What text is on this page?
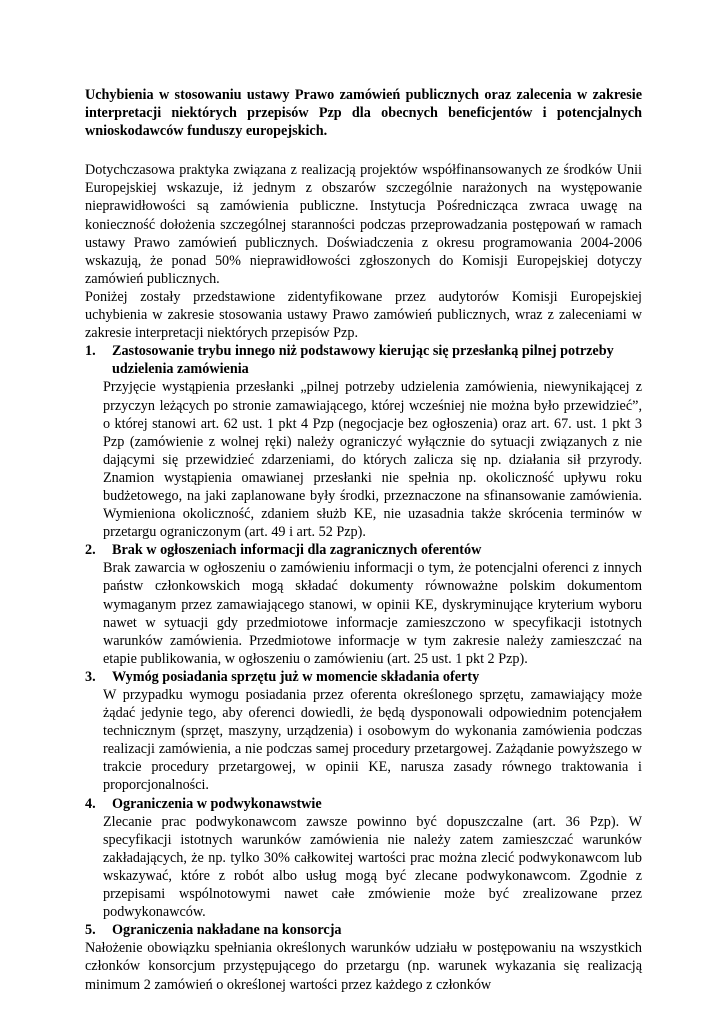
Uchybienia w stosowaniu ustawy Prawo zamówień publicznych oraz zalecenia w zakresie interpretacji niektórych przepisów Pzp dla obecnych beneficjentów i potencjalnych wnioskodawców funduszy europejskich.

Dotychczasowa praktyka związana z realizacją projektów współfinansowanych ze środków Unii Europejskiej wskazuje, iż jednym z obszarów szczególnie narażonych na występowanie nieprawidłowości są zamówienia publiczne. Instytucja Pośrednicząca zwraca uwagę na konieczność dołożenia szczególnej staranności podczas przeprowadzania postępowań w ramach ustawy Prawo zamówień publicznych. Doświadczenia z okresu programowania 2004-2006 wskazują, że ponad 50% nieprawidłowości zgłoszonych do Komisji Europejskiej dotyczy zamówień publicznych.

Poniżej zostały przedstawione zidentyfikowane przez audytorów Komisji Europejskiej uchybienia w zakresie stosowania ustawy Prawo zamówień publicznych, wraz z zaleceniami w zakresie interpretacji niektórych przepisów Pzp.

1.	Zastosowanie trybu innego niż podstawowy kierując się przesłanką pilnej potrzeby udzielenia zamówienia

Przyjęcie wystąpienia przesłanki „pilnej potrzeby udzielenia zamówienia, niewynikającej z przyczyn leżących po stronie zamawiającego, której wcześniej nie można było przewidzieć”, o której stanowi art. 62 ust. 1 pkt 4 Pzp (negocjacje bez ogłoszenia) oraz art. 67. ust. 1 pkt 3 Pzp (zamówienie z wolnej ręki) należy ograniczyć wyłącznie do sytuacji związanych z nie dającymi się przewidzieć zdarzeniami, do których zalicza się np. działania sił przyrody. Znamion wystąpienia omawianej przesłanki nie spełnia np. okoliczność upływu roku budżetowego, na jaki zaplanowane były środki, przeznaczone na sfinansowanie zamówienia. Wymieniona okoliczność, zdaniem służb KE, nie uzasadnia także skrócenia terminów w przetargu ograniczonym (art. 49 i art. 52 Pzp).

2.	Brak w ogłoszeniach informacji dla zagranicznych oferentów

Brak zawarcia w ogłoszeniu o zamówieniu informacji o tym, że potencjalni oferenci z innych państw członkowskich mogą składać dokumenty równoważne polskim dokumentom wymaganym przez zamawiającego stanowi, w opinii KE, dyskryminujące kryterium wyboru nawet w sytuacji gdy przedmiotowe informacje zamieszczono w specyfikacji istotnych warunków zamówienia. Przedmiotowe informacje w tym zakresie należy zamieszczać na etapie publikowania, w ogłoszeniu o zamówieniu (art. 25 ust. 1 pkt 2 Pzp).

3.	Wymóg posiadania sprzętu już w momencie składania oferty

W przypadku wymogu posiadania przez oferenta określonego sprzętu, zamawiający może żądać jedynie tego, aby oferenci dowiedli, że będą dysponowali odpowiednim potencjałem technicznym (sprzęt, maszyny, urządzenia) i osobowym do wykonania zamówienia podczas realizacji zamówienia, a nie podczas samej procedury przetargowej. Zażądanie powyższego w trakcie procedury przetargowej, w opinii KE, narusza zasady równego traktowania i proporcjonalności.

4.	Ograniczenia w podwykonawstwie

Zlecanie prac podwykonawcom zawsze powinno być dopuszczalne (art. 36 Pzp). W specyfikacji istotnych warunków zamówienia nie należy zatem zamieszczać warunków zakładających, że np. tylko 30% całkowitej wartości prac można zlecić podwykonawcom lub wskazywać, które z robót albo usług mogą być zlecane podwykonawcom. Zgodnie z przepisami wspólnotowymi nawet całe zmówienie może być zrealizowane przez podwykonawców.

5.	Ograniczenia nakładane na konsorcja

Nałożenie obowiązku spełniania określonych warunków udziału w postępowaniu na wszystkich członków konsorcjum przystępującego do przetargu (np. warunek wykazania się realizacją minimum 2 zamówień o określonej wartości przez każdego z członków
